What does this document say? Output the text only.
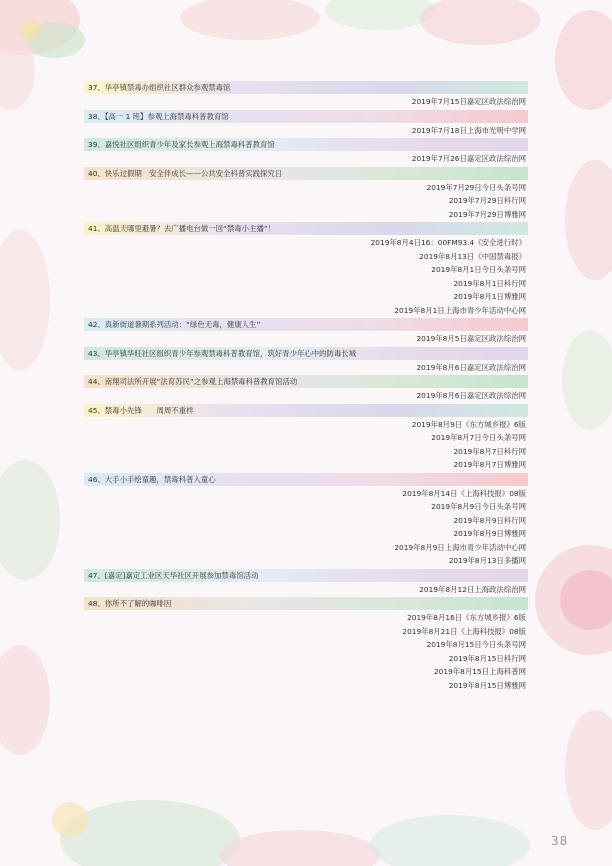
37、华亭镇禁毒办组织社区群众参观禁毒馆
2019年7月15日嘉定区政法综治网
38、【高一 1 班】参观上海禁毒科普教育馆
2019年7月18日上海市光明中学网
39、嘉悦社区组织青少年及家长参观上海禁毒科普教育馆
2019年7月26日嘉定区政法综治网
40、快乐过假期　安全伴成长——公共安全科普实践探究日
2019年7月29日今日头条号网
2019年7月29日科行网
2019年7月29日博雅网
41、高温天哪里避暑？去广播电台做一回“禁毒小主播”！
2019年8月4日16：00FM93.4《安全进行时》
2019年8月13日《中国禁毒报》
2019年8月1日今日头条号网
2019年8月1日科行网
2019年8月1日博雅网
2019年8月1日上海市青少年活动中心网
42、真新街道暑期系列活动：“绿色无毒，健康人生”
2019年8月5日嘉定区政法综治网
43、华亭镇华旺社区组织青少年参观禁毒科普教育馆，筑好青少年心中的防毒长城
2019年8月6日嘉定区政法综治网
44、南翔司法所开展“法育苏民”之参观上海禁毒科普教育馆活动
2019年8月6日嘉定区政法综治网
45、禁毒小先锋　　周周不重样
2019年8月9日《东方城乡报》6版
2019年8月7日今日头条号网
2019年8月7日科行网
2019年8月7日博雅网
46、大手小手绘童趣，禁毒科普入童心
2019年8月14日《上海科技报》08版
2019年8月9日今日头条号网
2019年8月9日科行网
2019年8月9日博雅网
2019年8月9日上海市青少年活动中心网
2019年8月13日多播网
47、[嘉定]嘉定工业区天华社区开展参加禁毒馆活动
2019年8月12日上海政法综治网
48、你所不了解的咖啡因
2019年8月16日《东方城乡报》6版
2019年8月21日《上海科技报》08版
2019年8月15日今日头条号网
2019年8月15日科行网
2019年8月15日上海科普网
2019年8月15日博雅网
38
